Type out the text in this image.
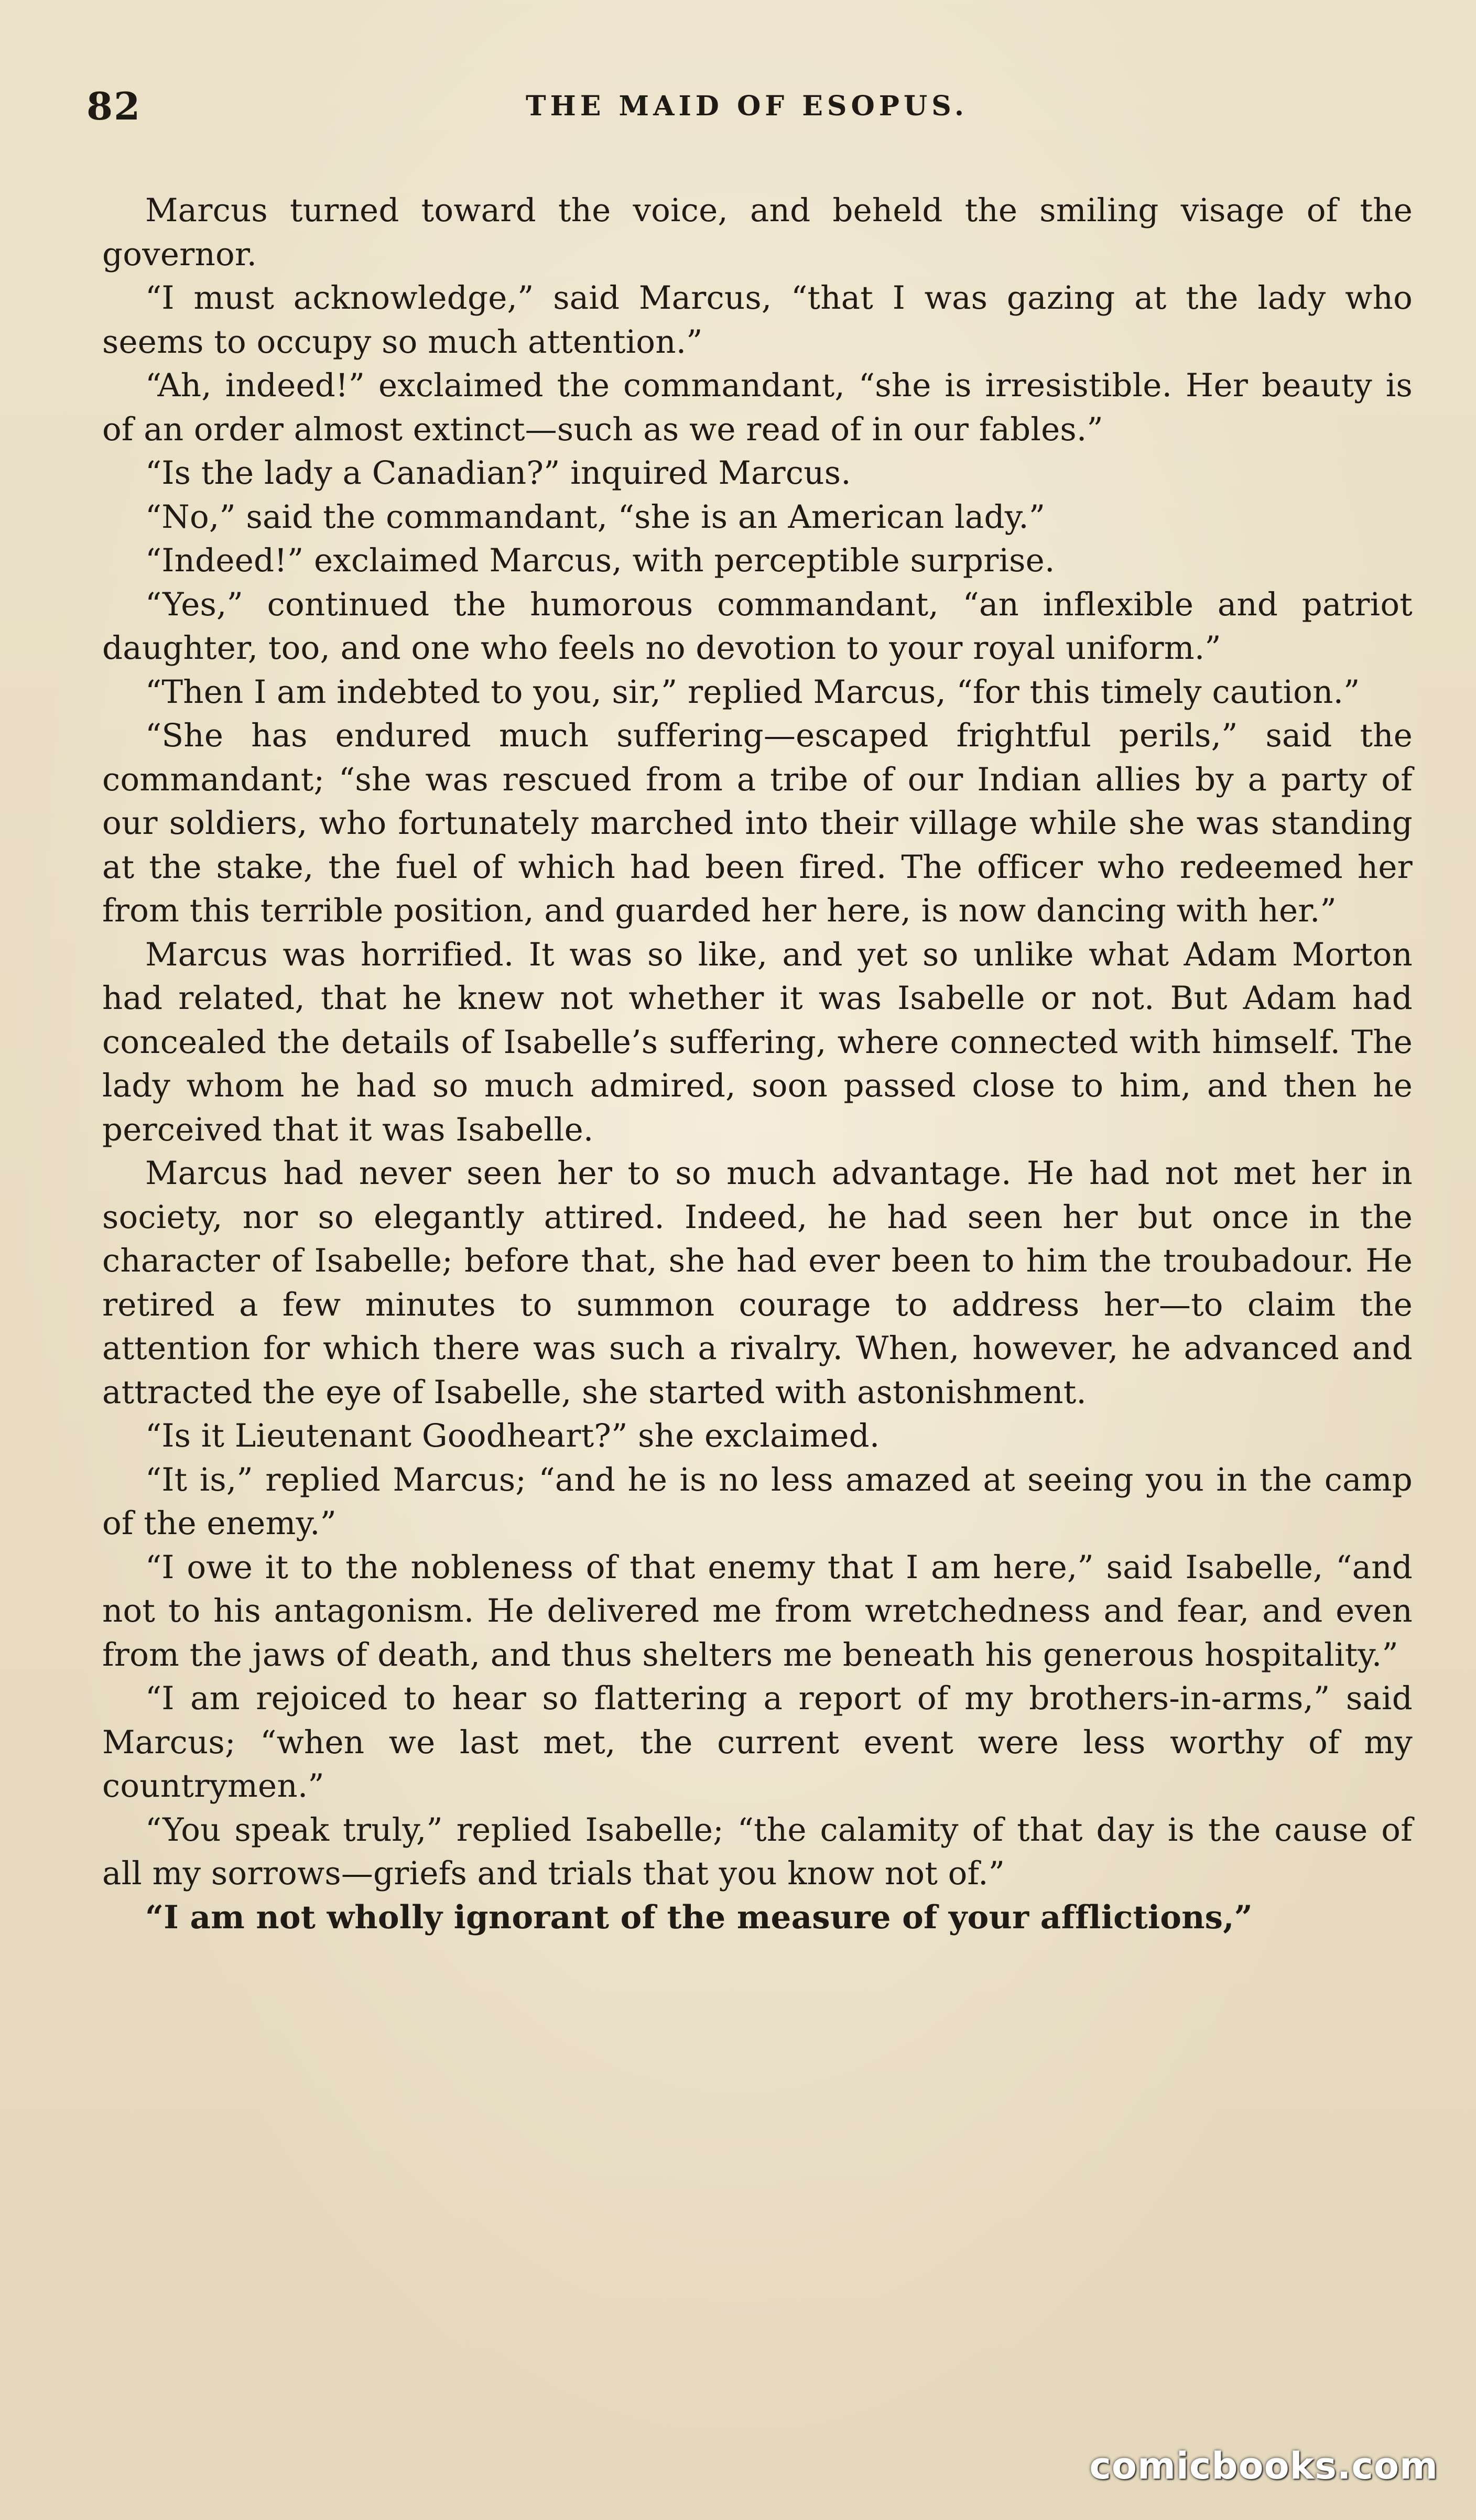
82	THE MAID OF ESOPUS.

Marcus turned toward the voice, and beheld the smiling visage of the governor.

“I must acknowledge,” said Marcus, “that I was gazing at the lady who seems to occupy so much attention.”

“Ah, indeed!” exclaimed the commandant, “she is irresistible. Her beauty is of an order almost extinct—such as we read of in our fables.”

“Is the lady a Canadian?” inquired Marcus.

“No,” said the commandant, “she is an American lady.”

“Indeed!” exclaimed Marcus, with perceptible surprise.

“Yes,” continued the humorous commandant, “an inflexible and patriot daughter, too, and one who feels no devotion to your royal uniform.”

“Then I am indebted to you, sir,” replied Marcus, “for this timely caution.”

“She has endured much suffering—escaped frightful perils,” said the commandant; “she was rescued from a tribe of our Indian allies by a party of our soldiers, who fortunately marched into their village while she was standing at the stake, the fuel of which had been fired. The officer who redeemed her from this terrible position, and guarded her here, is now dancing with her.”

Marcus was horrified. It was so like, and yet so unlike what Adam Morton had related, that he knew not whether it was Isabelle or not. But Adam had concealed the details of Isabelle’s suffering, where connected with himself. The lady whom he had so much admired, soon passed close to him, and then he perceived that it was Isabelle.

Marcus had never seen her to so much advantage. He had not met her in society, nor so elegantly attired. Indeed, he had seen her but once in the character of Isabelle; before that, she had ever been to him the troubadour. He retired a few minutes to summon courage to address her—to claim the attention for which there was such a rivalry. When, however, he advanced and attracted the eye of Isabelle, she started with astonishment.

“Is it Lieutenant Goodheart?” she exclaimed.

“It is,” replied Marcus; “and he is no less amazed at seeing you in the camp of the enemy.”

“I owe it to the nobleness of that enemy that I am here,” said Isabelle, “and not to his antagonism. He delivered me from wretchedness and fear, and even from the jaws of death, and thus shelters me beneath his generous hospitality.”

“I am rejoiced to hear so flattering a report of my brothers-in-arms,” said Marcus; “when we last met, the current event were less worthy of my countrymen.”

“You speak truly,” replied Isabelle; “the calamity of that day is the cause of all my sorrows—griefs and trials that you know not of.”

“I am not wholly ignorant of the measure of your afflictions,”

comicbooks.com
